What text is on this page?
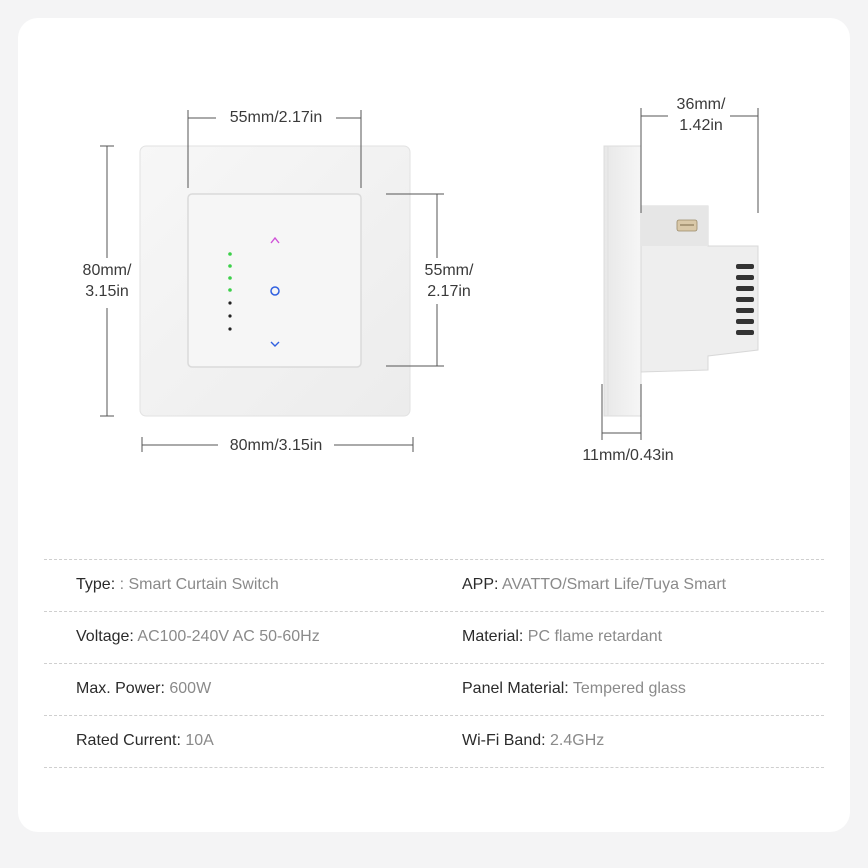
55mm/2.17in
80mm/
3.15in
55mm/
2.17in
80mm/3.15in
36mm/
1.42in
11mm/0.43in
Type: : Smart Curtain Switch	APP: AVATTO/Smart Life/Tuya Smart
Voltage: AC100-240V AC 50-60Hz	Material: PC flame retardant
Max. Power: 600W	Panel Material: Tempered glass
Rated Current: 10A	Wi-Fi Band: 2.4GHz
